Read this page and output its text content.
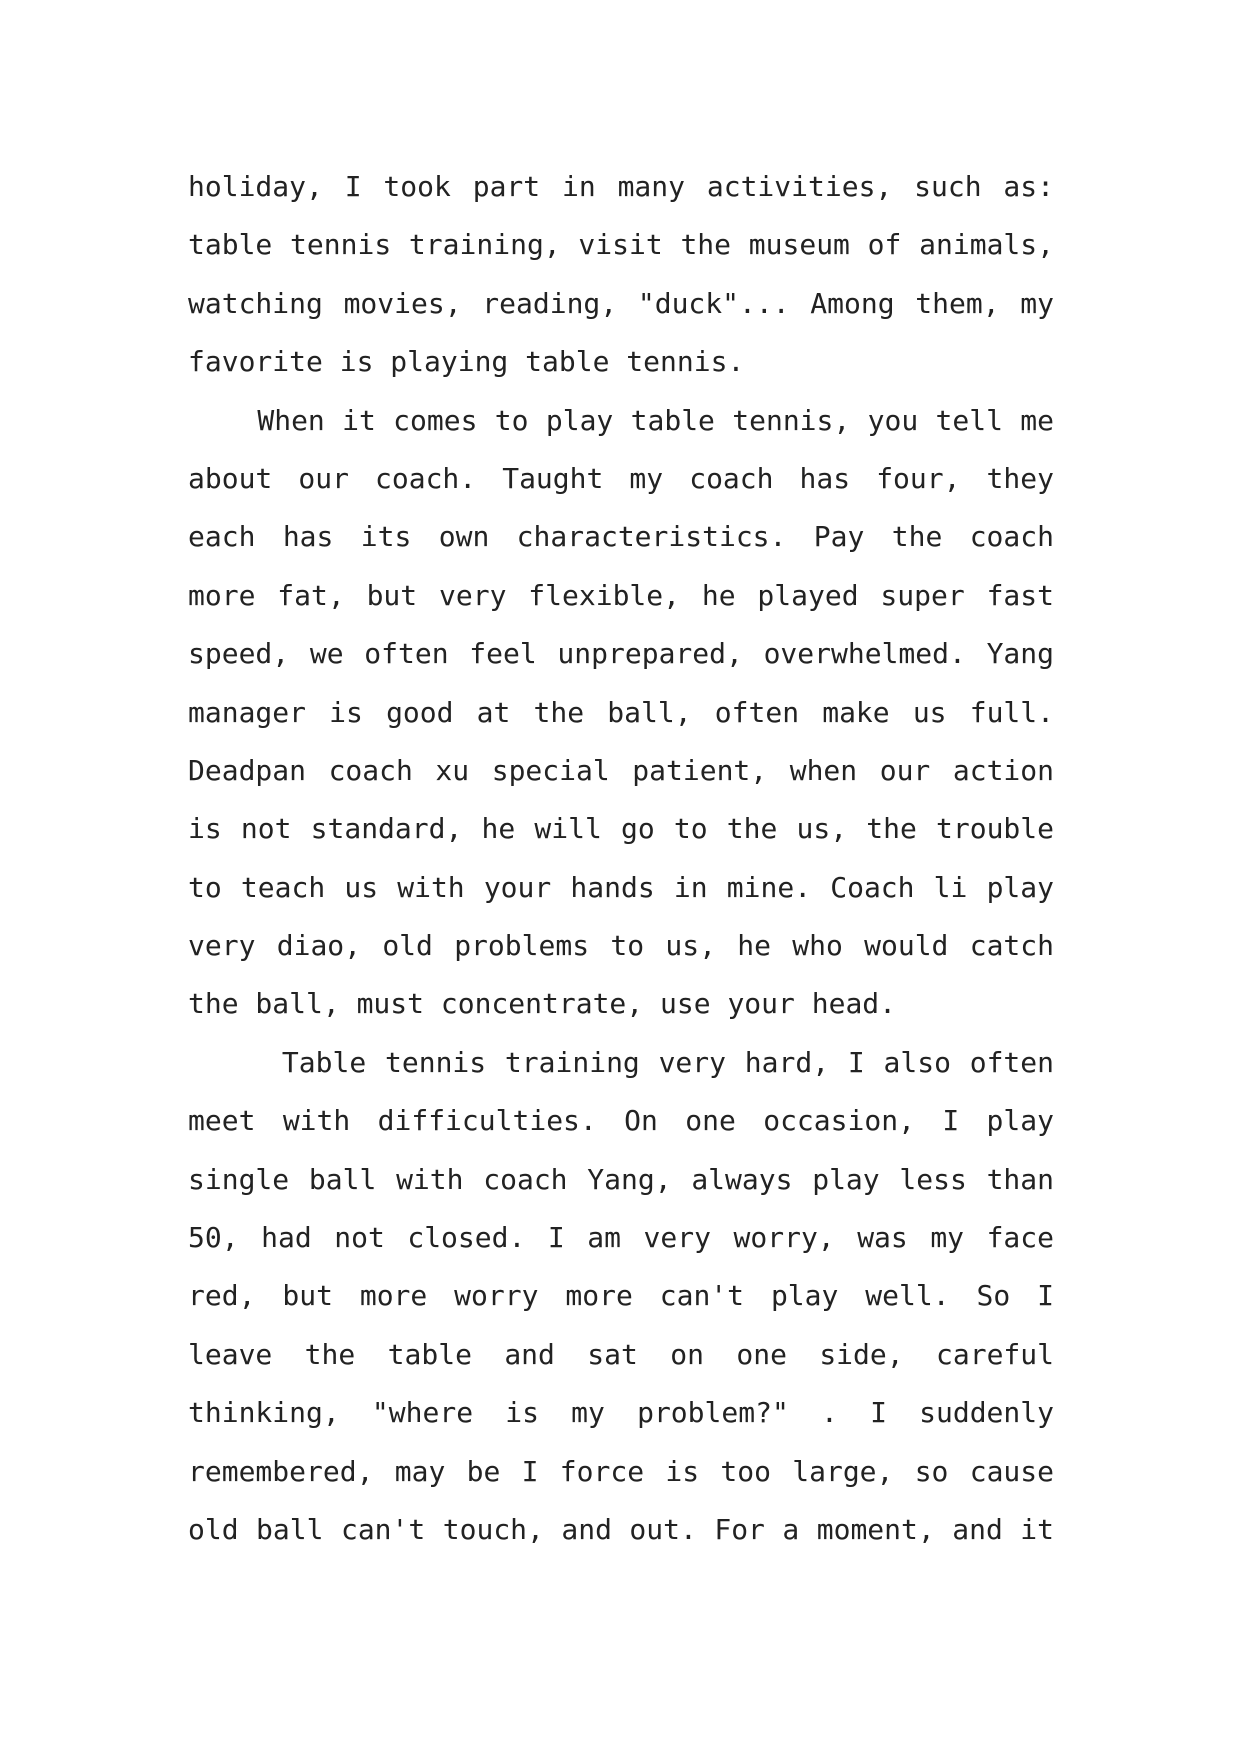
holiday, I took part in many activities, such as:
table tennis training, visit the museum of animals,
watching movies, reading, "duck"... Among them, my
favorite is playing table tennis.
When it comes to play table tennis, you tell me
about our coach. Taught my coach has four, they
each has its own characteristics. Pay the coach
more fat, but very flexible, he played super fast
speed, we often feel unprepared, overwhelmed. Yang
manager is good at the ball, often make us full.
Deadpan coach xu special patient, when our action
is not standard, he will go to the us, the trouble
to teach us with your hands in mine. Coach li play
very diao, old problems to us, he who would catch
the ball, must concentrate, use your head.
Table tennis training very hard, I also often
meet with difficulties. On one occasion, I play
single ball with coach Yang, always play less than
50, had not closed. I am very worry, was my face
red, but more worry more can't play well. So I
leave the table and sat on one side, careful
thinking, "where is my problem?" . I suddenly
remembered, may be I force is too large, so cause
old ball can't touch, and out. For a moment, and it
